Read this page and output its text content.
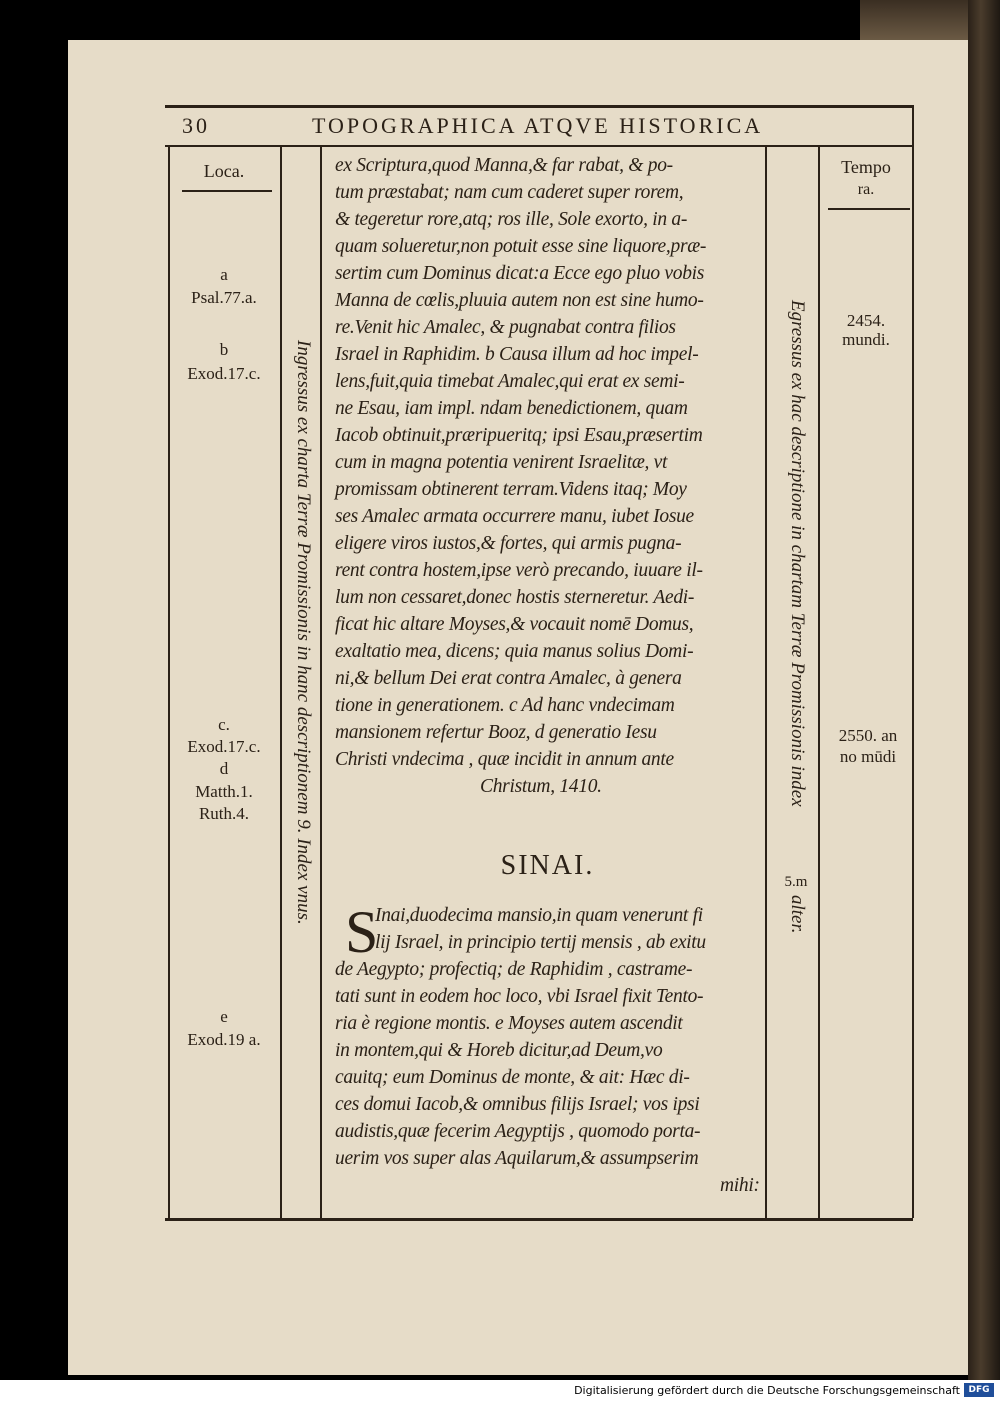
30	TOPOGRAPHICA ATQVE HISTORICA
Loca.	Tempo
ra.
a
Psal.77.a.
b
Exod.17.c.
c.
Exod.17.c.
d
Matth.1.
Ruth.4.
e
Exod.19 a.
2454.
mundi.
2550. an
no mūdi
Ingressus ex charta Terræ Promissionis in hanc descriptionem 9. Index vnus.	Egressus ex hac descriptione in chartam Terræ Promissionis index
5.m
alter.
ex Scriptura,quod Manna,& far rabat, & po-
tum præstabat; nam cum caderet super rorem,
& tegeretur rore,atq; ros ille, Sole exorto, in a-
quam solueretur,non potuit esse sine liquore,præ-
sertim cum Dominus dicat:a Ecce ego pluo vobis
Manna de cœlis,pluuia autem non est sine humo-
re.Venit hic Amalec, & pugnabat contra filios
Israel in Raphidim. b Causa illum ad hoc impel-
lens,fuit,quia timebat Amalec,qui erat ex semi-
ne Esau, iam impl. ndam benedictionem, quam
Iacob obtinuit,præripueritq; ipsi Esau,præsertim
cum in magna potentia venirent Israelitæ, vt
promissam obtinerent terram.Videns itaq; Moy
ses Amalec armata occurrere manu, iubet Iosue
eligere viros iustos,& fortes, qui armis pugna-
rent contra hostem,ipse verò precando, iuuare il-
lum non cessaret,donec hostis sterneretur. Aedi-
ficat hic altare Moyses,& vocauit nomē Domus,
exaltatio mea, dicens; quia manus solius Domi-
ni,& bellum Dei erat contra Amalec, à genera
tione in generationem. c Ad hanc vndecimam
mansionem refertur Booz, d generatio Iesu
Christi vndecima , quæ incidit in annum ante
Christum, 1410.
SINAI.
S
Inai,duodecima mansio,in quam venerunt fi
lij Israel, in principio tertij mensis , ab exitu
de Aegypto; profectiq; de Raphidim , castrame-
tati sunt in eodem hoc loco, vbi Israel fixit Tento-
ria è regione montis. e Moyses autem ascendit
in montem,qui & Horeb dicitur,ad Deum,vo
cauitq; eum Dominus de monte, & ait: Hæc di-
ces domui Iacob,& omnibus filijs Israel; vos ipsi
audistis,quæ fecerim Aegyptijs , quomodo porta-
uerim vos super alas Aquilarum,& assumpserim
mihi:
Digitalisierung gefördert durch die Deutsche Forschungsgemeinschaft DFG
